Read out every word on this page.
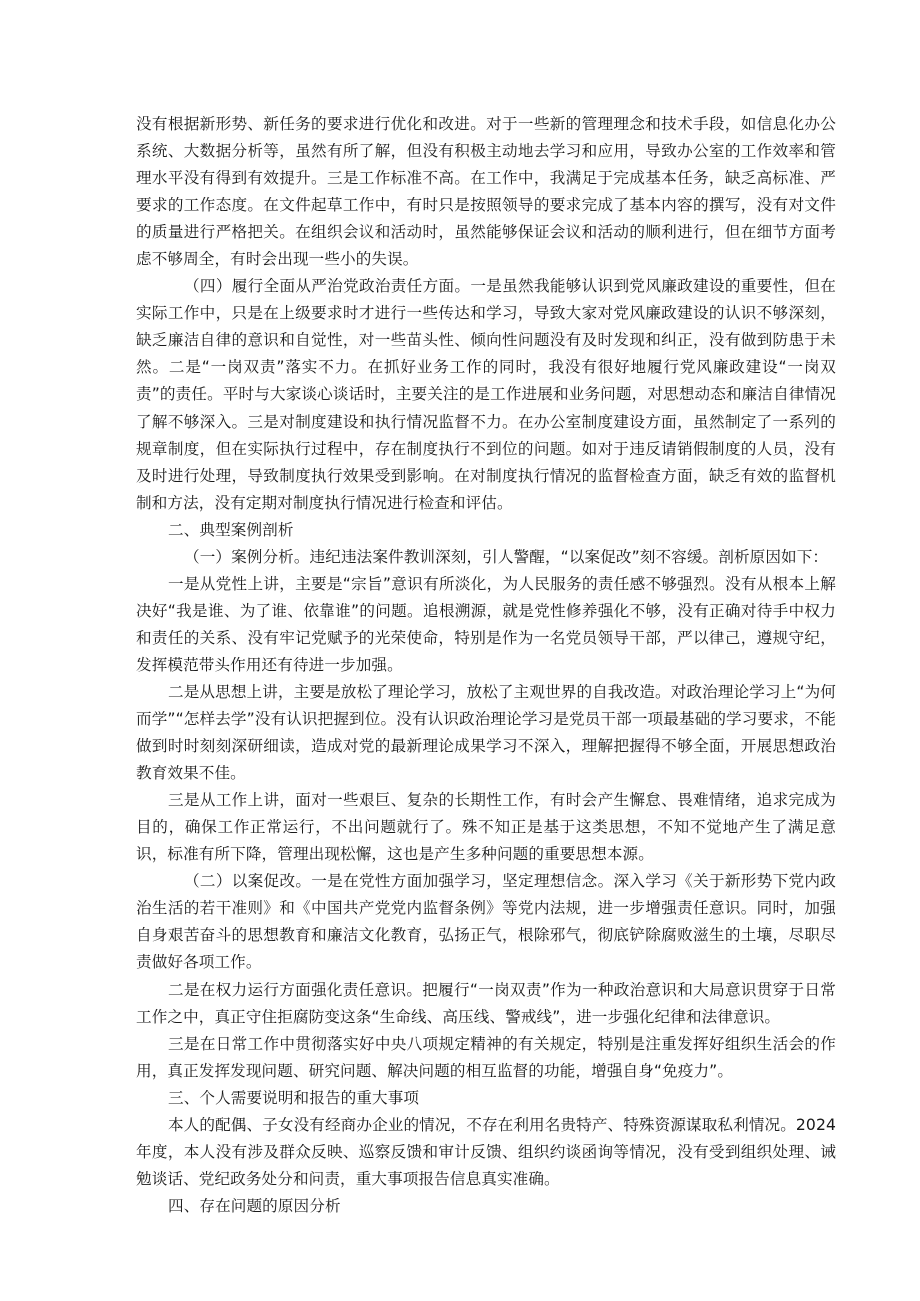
没有根据新形势、新任务的要求进行优化和改进。对于一些新的管理理念和技术手段，如信息化办公系统、大数据分析等，虽然有所了解，但没有积极主动地去学习和应用，导致办公室的工作效率和管理水平没有得到有效提升。三是工作标准不高。在工作中，我满足于完成基本任务，缺乏高标准、严要求的工作态度。在文件起草工作中，有时只是按照领导的要求完成了基本内容的撰写，没有对文件的质量进行严格把关。在组织会议和活动时，虽然能够保证会议和活动的顺利进行，但在细节方面考虑不够周全，有时会出现一些小的失误。

（四）履行全面从严治党政治责任方面。一是虽然我能够认识到党风廉政建设的重要性，但在实际工作中，只是在上级要求时才进行一些传达和学习，导致大家对党风廉政建设的认识不够深刻，缺乏廉洁自律的意识和自觉性，对一些苗头性、倾向性问题没有及时发现和纠正，没有做到防患于未然。二是“一岗双责”落实不力。在抓好业务工作的同时，我没有很好地履行党风廉政建设“一岗双责”的责任。平时与大家谈心谈话时，主要关注的是工作进展和业务问题，对思想动态和廉洁自律情况了解不够深入。三是对制度建设和执行情况监督不力。在办公室制度建设方面，虽然制定了一系列的规章制度，但在实际执行过程中，存在制度执行不到位的问题。如对于违反请销假制度的人员，没有及时进行处理，导致制度执行效果受到影响。在对制度执行情况的监督检查方面，缺乏有效的监督机制和方法，没有定期对制度执行情况进行检查和评估。

二、典型案例剖析

（一）案例分析。违纪违法案件教训深刻，引人警醒，“以案促改”刻不容缓。剖析原因如下：

一是从党性上讲，主要是“宗旨”意识有所淡化，为人民服务的责任感不够强烈。没有从根本上解决好“我是谁、为了谁、依靠谁”的问题。追根溯源，就是党性修养强化不够，没有正确对待手中权力和责任的关系、没有牢记党赋予的光荣使命，特别是作为一名党员领导干部，严以律己，遵规守纪，发挥模范带头作用还有待进一步加强。

二是从思想上讲，主要是放松了理论学习，放松了主观世界的自我改造。对政治理论学习上“为何而学”“怎样去学”没有认识把握到位。没有认识政治理论学习是党员干部一项最基础的学习要求，不能做到时时刻刻深研细读，造成对党的最新理论成果学习不深入，理解把握得不够全面，开展思想政治教育效果不佳。

三是从工作上讲，面对一些艰巨、复杂的长期性工作，有时会产生懈怠、畏难情绪，追求完成为目的，确保工作正常运行，不出问题就行了。殊不知正是基于这类思想，不知不觉地产生了满足意识，标准有所下降，管理出现松懈，这也是产生多种问题的重要思想本源。

（二）以案促改。一是在党性方面加强学习，坚定理想信念。深入学习《关于新形势下党内政治生活的若干准则》和《中国共产党党内监督条例》等党内法规，进一步增强责任意识。同时，加强自身艰苦奋斗的思想教育和廉洁文化教育，弘扬正气，根除邪气，彻底铲除腐败滋生的土壤，尽职尽责做好各项工作。

二是在权力运行方面强化责任意识。把履行“一岗双责”作为一种政治意识和大局意识贯穿于日常工作之中，真正守住拒腐防变这条“生命线、高压线、警戒线”，进一步强化纪律和法律意识。

三是在日常工作中贯彻落实好中央八项规定精神的有关规定，特别是注重发挥好组织生活会的作用，真正发挥发现问题、研究问题、解决问题的相互监督的功能，增强自身“免疫力”。

三、个人需要说明和报告的重大事项

本人的配偶、子女没有经商办企业的情况，不存在利用名贵特产、特殊资源谋取私利情况。2024年度，本人没有涉及群众反映、巡察反馈和审计反馈、组织约谈函询等情况，没有受到组织处理、诫勉谈话、党纪政务处分和问责，重大事项报告信息真实准确。

四、存在问题的原因分析
